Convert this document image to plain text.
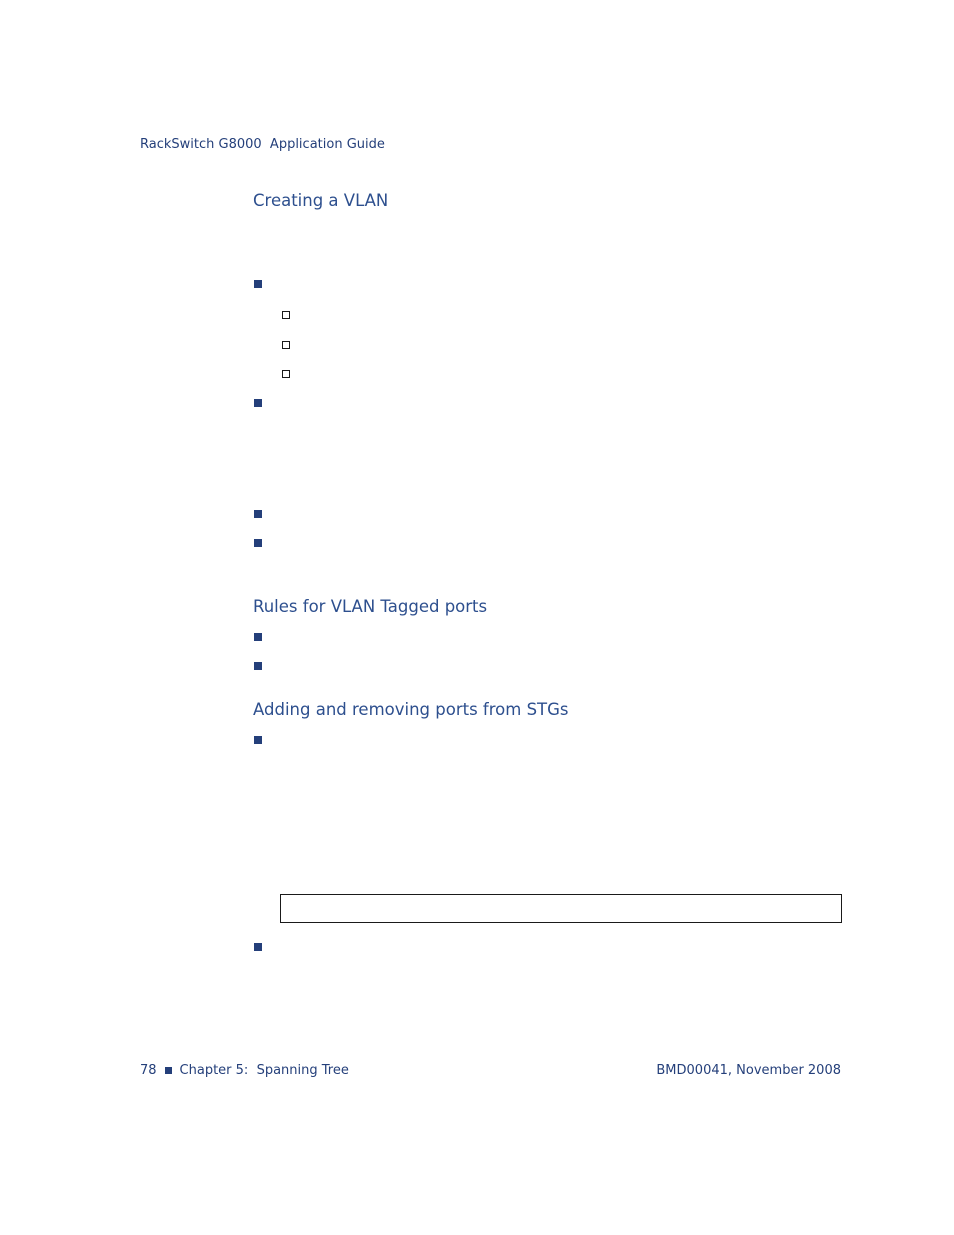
RackSwitch G8000  Application Guide
Creating a VLAN
Rules for VLAN Tagged ports
Adding and removing ports from STGs
78 Chapter 5:  Spanning Tree	BMD00041, November 2008
